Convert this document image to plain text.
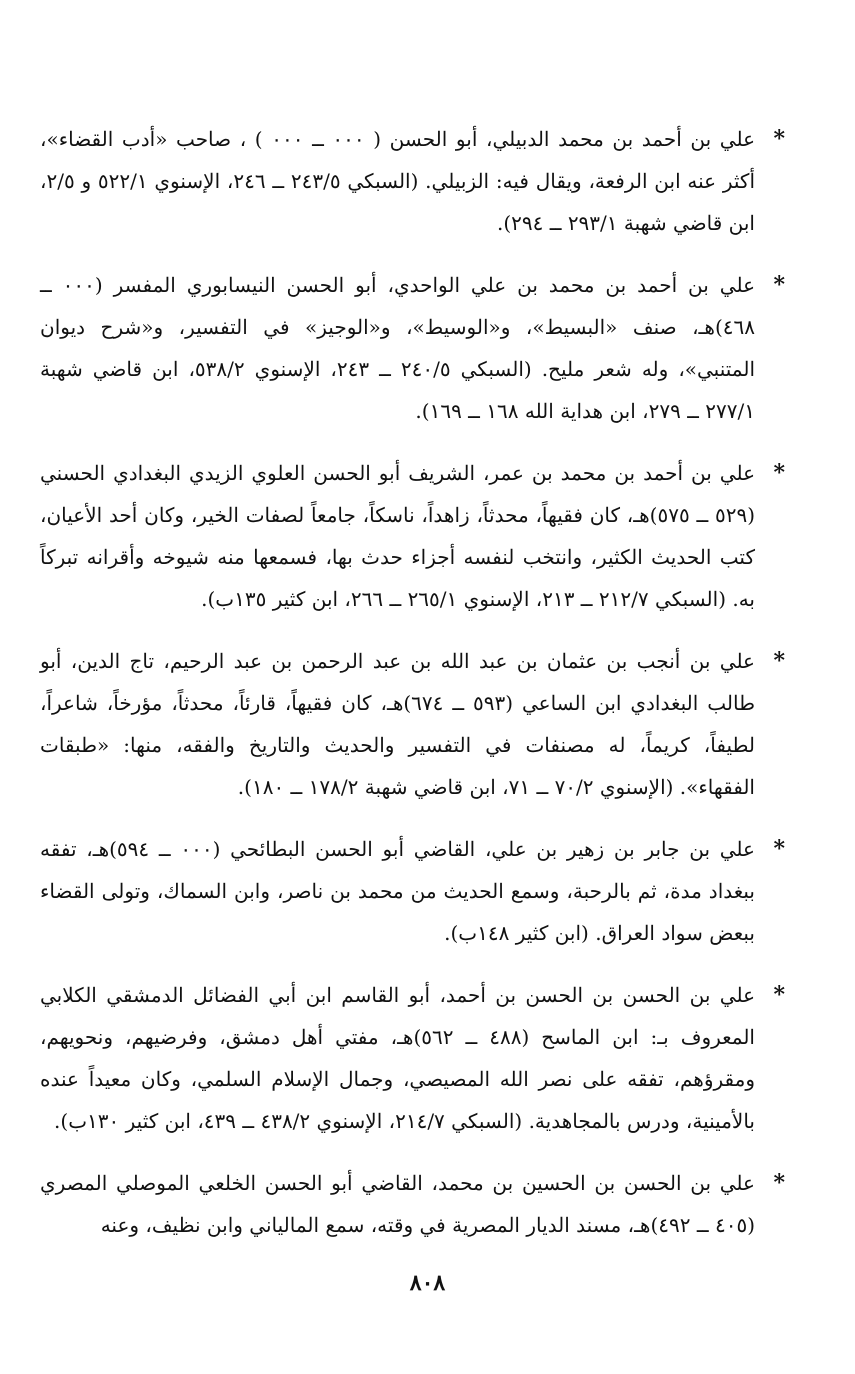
*
علي بن أحمد بن محمد الدبيلي، أبو الحسن ( ۰۰۰ ــ ۰۰۰ ) ، صاحب «أدب القضاء»، أكثر عنه ابن الرفعة، ويقال فيه: الزبيلي. (السبكي ۲٤۳/٥ ــ ۲٤٦، الإسنوي ٥۲۲/۱ و ۲/٥، ابن قاضي شهبة ۲۹۳/۱ ــ ۲۹٤).

*
علي بن أحمد بن محمد بن علي الواحدي، أبو الحسن النيسابوري المفسر (۰۰۰ ــ ٤٦۸)هـ، صنف «البسيط»، و«الوسيط»، و«الوجيز» في التفسير، و«شرح ديوان المتنبي»، وله شعر مليح. (السبكي ۲٤۰/٥ ــ ۲٤۳، الإسنوي ٥۳۸/۲، ابن قاضي شهبة ۲۷۷/۱ ــ ۲۷۹، ابن هداية الله ۱٦۸ ــ ۱٦۹).

*
علي بن أحمد بن محمد بن عمر، الشريف أبو الحسن العلوي الزيدي البغدادي الحسني (٥۲۹ ــ ٥۷٥)هـ، كان فقيهاً، محدثاً، زاهداً، ناسكاً، جامعاً لصفات الخير، وكان أحد الأعيان، كتب الحديث الكثير، وانتخب لنفسه أجزاء حدث بها، فسمعها منه شيوخه وأقرانه تبركاً به. (السبكي ۲۱۲/۷ ــ ۲۱۳، الإسنوي ۲٦٥/۱ ــ ۲٦٦، ابن كثير ۱۳٥ب).

*
علي بن أنجب بن عثمان بن عبد الله بن عبد الرحمن بن عبد الرحيم، تاج الدين، أبو طالب البغدادي ابن الساعي (٥۹۳ ــ ٦۷٤)هـ، كان فقيهاً، قارئاً، محدثاً، مؤرخاً، شاعراً، لطيفاً، كريماً، له مصنفات في التفسير والحديث والتاريخ والفقه، منها: «طبقات الفقهاء». (الإسنوي ۷۰/۲ ــ ۷۱، ابن قاضي شهبة ۱۷۸/۲ ــ ۱۸۰).

*
علي بن جابر بن زهير بن علي، القاضي أبو الحسن البطائحي (۰۰۰ ــ ٥۹٤)هـ، تفقه ببغداد مدة، ثم بالرحبة، وسمع الحديث من محمد بن ناصر، وابن السماك، وتولى القضاء ببعض سواد العراق. (ابن كثير ۱٤۸ب).

*
علي بن الحسن بن الحسن بن أحمد، أبو القاسم ابن أبي الفضائل الدمشقي الكلابي المعروف بـ: ابن الماسح (٤۸۸ ــ ٥٦۲)هـ، مفتي أهل دمشق، وفرضيهم، ونحويهم، ومقرؤهم، تفقه على نصر الله المصيصي، وجمال الإسلام السلمي، وكان معيداً عنده بالأمينية، ودرس بالمجاهدية. (السبكي ۲۱٤/۷، الإسنوي ٤۳۸/۲ ــ ٤۳۹، ابن كثير ۱۳۰ب).

*
علي بن الحسن بن الحسين بن محمد، القاضي أبو الحسن الخلعي الموصلي المصري (٤۰٥ ــ ٤۹۲)هـ، مسند الديار المصرية في وقته، سمع المالياني وابن نظيف، وعنه

۸۰۸
